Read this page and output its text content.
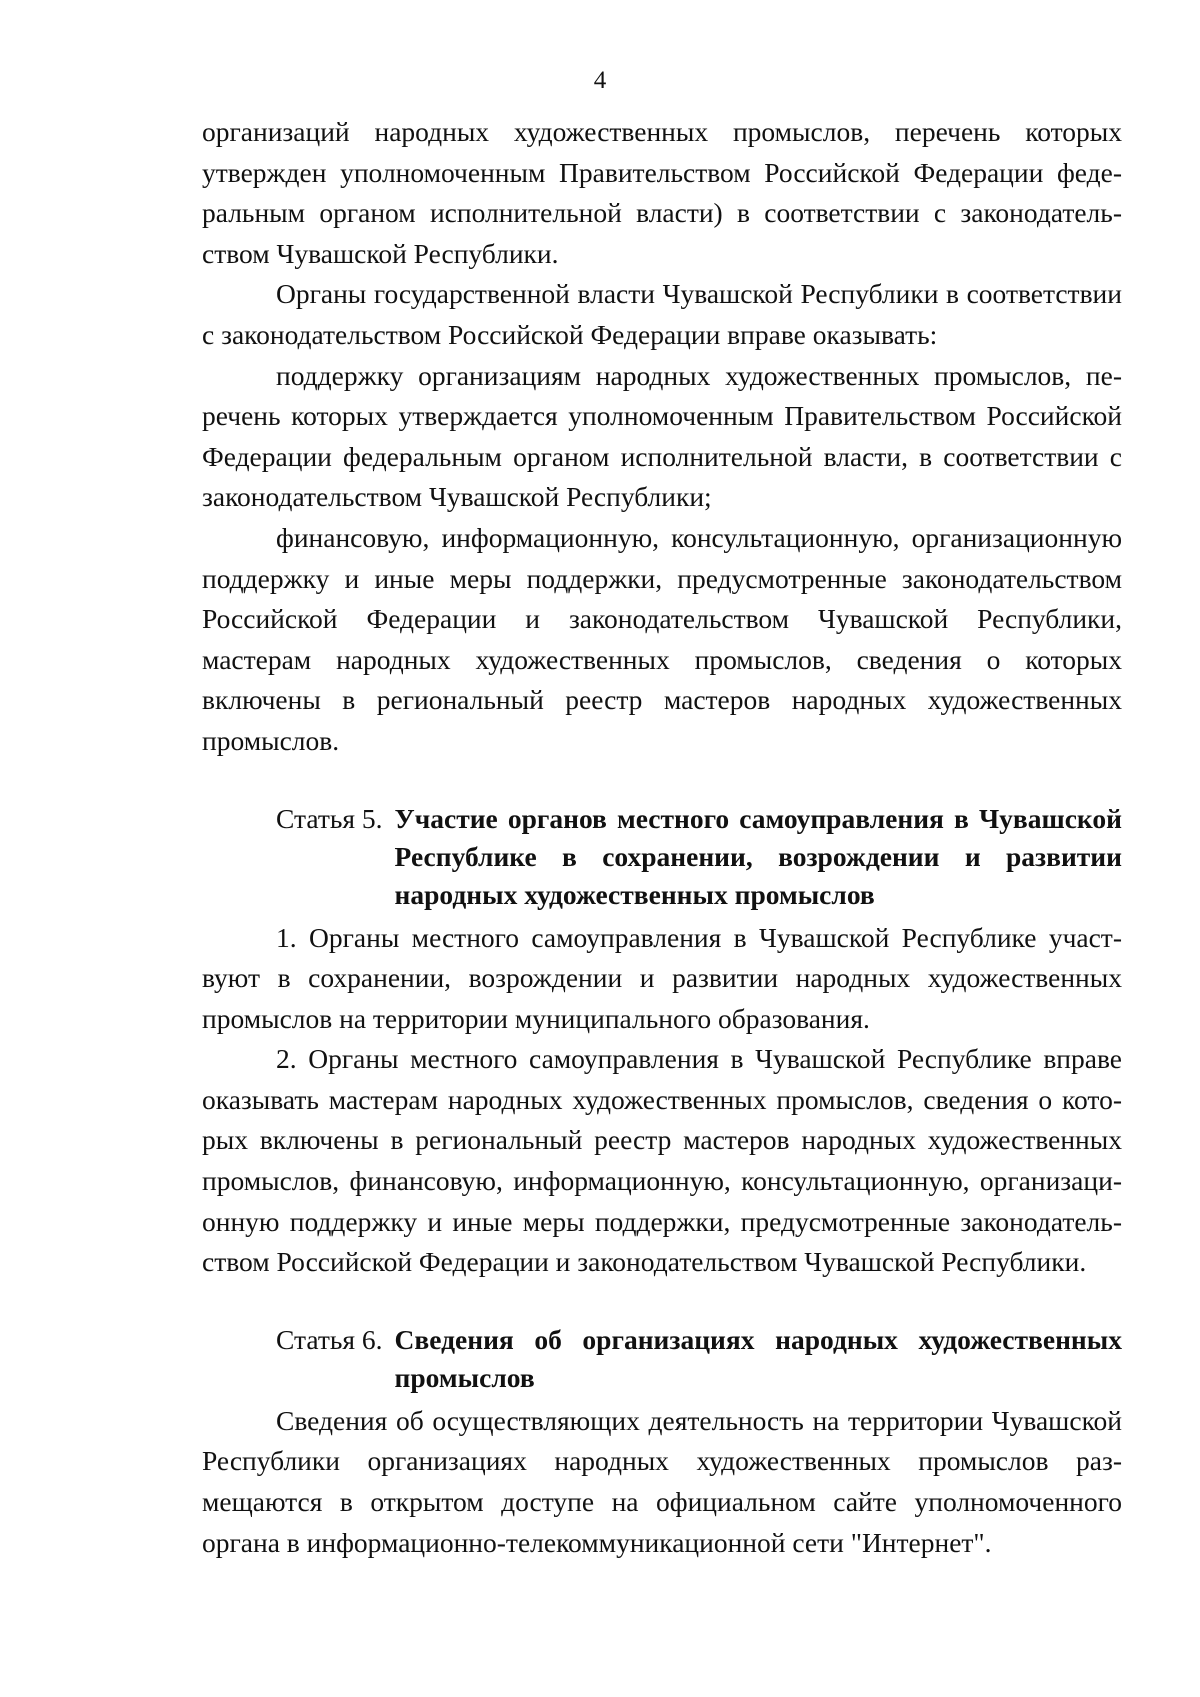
4

организаций народных художественных промыслов, перечень которых утвержден уполномоченным Правительством Российской Федерации федеральным органом исполнительной власти) в соответствии с законодательством Чувашской Республики.

Органы государственной власти Чувашской Республики в соответствии с законодательством Российской Федерации вправе оказывать:

поддержку организациям народных художественных промыслов, перечень которых утверждается уполномоченным Правительством Российской Федерации федеральным органом исполнительной власти, в соответствии с законодательством Чувашской Республики;

финансовую, информационную, консультационную, организационную поддержку и иные меры поддержки, предусмотренные законодательством Российской Федерации и законодательством Чувашской Республики, мастерам народных художественных промыслов, сведения о которых включены в региональный реестр мастеров народных художественных промыслов.

Статья 5. Участие органов местного самоуправления в Чувашской Республике в сохранении, возрождении и развитии народных художественных промыслов

1. Органы местного самоуправления в Чувашской Республике участвуют в сохранении, возрождении и развитии народных художественных промыслов на территории муниципального образования.

2. Органы местного самоуправления в Чувашской Республике вправе оказывать мастерам народных художественных промыслов, сведения о которых включены в региональный реестр мастеров народных художественных промыслов, финансовую, информационную, консультационную, организационную поддержку и иные меры поддержки, предусмотренные законодательством Российской Федерации и законодательством Чувашской Республики.

Статья 6. Сведения об организациях народных художественных промыслов

Сведения об осуществляющих деятельность на территории Чувашской Республики организациях народных художественных промыслов размещаются в открытом доступе на официальном сайте уполномоченного органа в информационно-телекоммуникационной сети "Интернет".
